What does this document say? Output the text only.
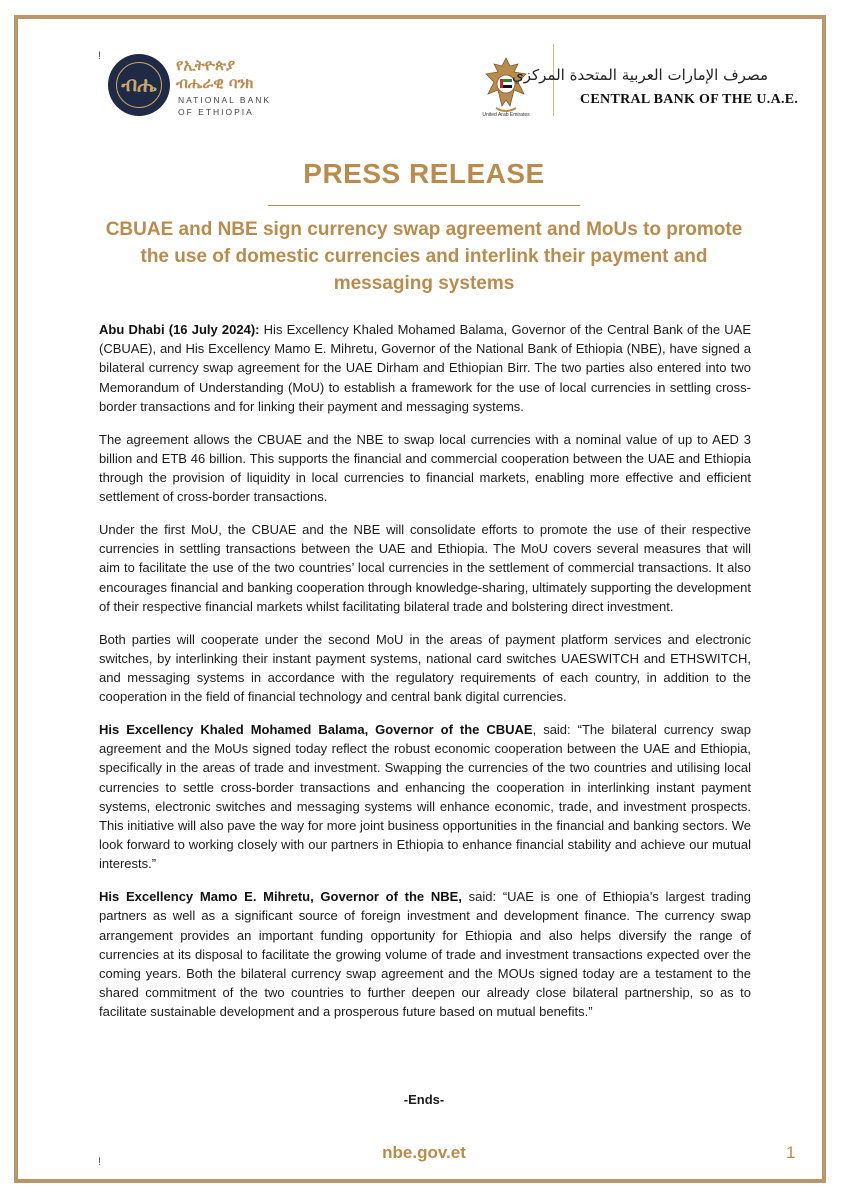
!
ብሔ
የኢትዮጵያ
ብሔራዊ ባንክ
NATIONAL BANK
OF ETHIOPIA	United Arab Emirates
مصرف الإمارات العربية المتحدة المركزي
CENTRAL BANK OF THE U.A.E.
PRESS RELEASE
CBUAE and NBE sign currency swap agreement and MoUs to promote the use of domestic currencies and interlink their payment and messaging systems

Abu Dhabi (16 July 2024): His Excellency Khaled Mohamed Balama, Governor of the Central Bank of the UAE (CBUAE), and His Excellency Mamo E. Mihretu, Governor of the National Bank of Ethiopia (NBE), have signed a bilateral currency swap agreement for the UAE Dirham and Ethiopian Birr. The two parties also entered into two Memorandum of Understanding (MoU) to establish a framework for the use of local currencies in settling cross-border transactions and for linking their payment and messaging systems.

The agreement allows the CBUAE and the NBE to swap local currencies with a nominal value of up to AED 3 billion and ETB 46 billion. This supports the financial and commercial cooperation between the UAE and Ethiopia through the provision of liquidity in local currencies to financial markets, enabling more effective and efficient settlement of cross-border transactions.

Under the first MoU, the CBUAE and the NBE will consolidate efforts to promote the use of their respective currencies in settling transactions between the UAE and Ethiopia. The MoU covers several measures that will aim to facilitate the use of the two countries’ local currencies in the settlement of commercial transactions. It also encourages financial and banking cooperation through knowledge-sharing, ultimately supporting the development of their respective financial markets whilst facilitating bilateral trade and bolstering direct investment.

Both parties will cooperate under the second MoU in the areas of payment platform services and electronic switches, by interlinking their instant payment systems, national card switches UAESWITCH and ETHSWITCH, and messaging systems in accordance with the regulatory requirements of each country, in addition to the cooperation in the field of financial technology and central bank digital currencies.

His Excellency Khaled Mohamed Balama, Governor of the CBUAE, said: “The bilateral currency swap agreement and the MoUs signed today reflect the robust economic cooperation between the UAE and Ethiopia, specifically in the areas of trade and investment. Swapping the currencies of the two countries and utilising local currencies to settle cross-border transactions and enhancing the cooperation in interlinking instant payment systems, electronic switches and messaging systems will enhance economic, trade, and investment prospects. This initiative will also pave the way for more joint business opportunities in the financial and banking sectors. We look forward to working closely with our partners in Ethiopia to enhance financial stability and achieve our mutual interests.”

His Excellency Mamo E. Mihretu, Governor of the NBE, said: “UAE is one of Ethiopia’s largest trading partners as well as a significant source of foreign investment and development finance. The currency swap arrangement provides an important funding opportunity for Ethiopia and also helps diversify the range of currencies at its disposal to facilitate the growing volume of trade and investment transactions expected over the coming years. Both the bilateral currency swap agreement and the MOUs signed today are a testament to the shared commitment of the two countries to further deepen our already close bilateral partnership, so as to facilitate sustainable development and a prosperous future based on mutual benefits.”

-Ends-
!	nbe.gov.et	1
